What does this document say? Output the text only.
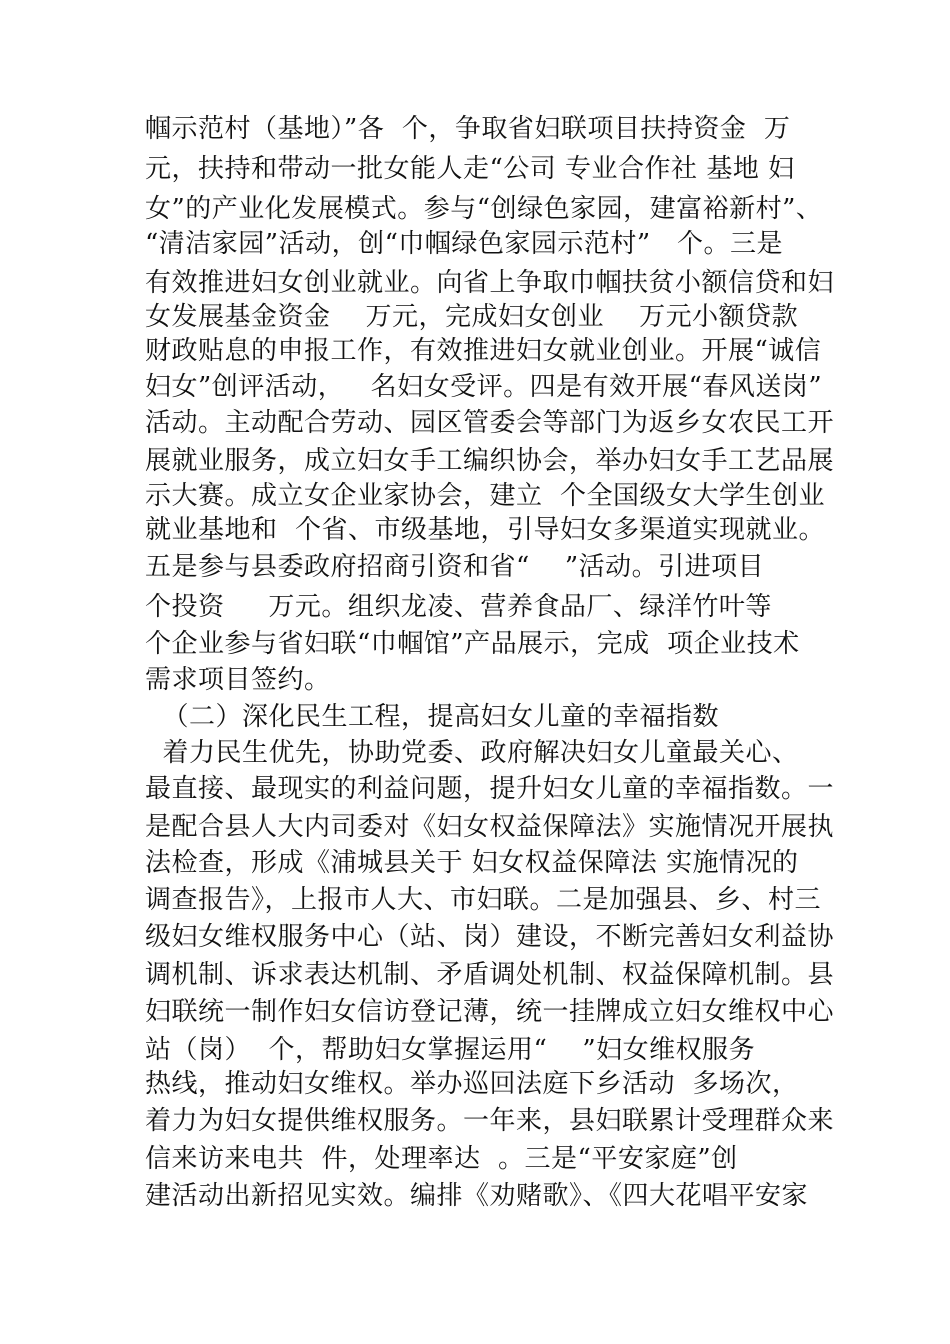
帼示范村（基地）”各  个，争取省妇联项目扶持资金  万
元，扶持和带动一批女能人走“公司 专业合作社 基地 妇
女”的产业化发展模式。参与“创绿色家园，建富裕新村”、
“清洁家园”活动，创“巾帼绿色家园示范村”   个。三是
有效推进妇女创业就业。向省上争取巾帼扶贫小额信贷和妇
女发展基金资金    万元，完成妇女创业    万元小额贷款
财政贴息的申报工作，有效推进妇女就业创业。开展“诚信
妇女”创评活动，   名妇女受评。四是有效开展“春风送岗”
活动。主动配合劳动、园区管委会等部门为返乡女农民工开
展就业服务，成立妇女手工编织协会，举办妇女手工艺品展
示大赛。成立女企业家协会，建立  个全国级女大学生创业
就业基地和  个省、市级基地，引导妇女多渠道实现就业。
五是参与县委政府招商引资和省“    ”活动。引进项目
个投资     万元。组织龙凌、营养食品厂、绿洋竹叶等
个企业参与省妇联“巾帼馆”产品展示，完成  项企业技术
需求项目签约。
（二）深化民生工程，提高妇女儿童的幸福指数
着力民生优先，协助党委、政府解决妇女儿童最关心、
最直接、最现实的利益问题，提升妇女儿童的幸福指数。一
是配合县人大内司委对《妇女权益保障法》实施情况开展执
法检查，形成《浦城县关于 妇女权益保障法 实施情况的
调查报告》，上报市人大、市妇联。二是加强县、乡、村三
级妇女维权服务中心（站、岗）建设，不断完善妇女利益协
调机制、诉求表达机制、矛盾调处机制、权益保障机制。县
妇联统一制作妇女信访登记薄，统一挂牌成立妇女维权中心
站（岗）  个，帮助妇女掌握运用“    ”妇女维权服务
热线，推动妇女维权。举办巡回法庭下乡活动  多场次，
着力为妇女提供维权服务。一年来，县妇联累计受理群众来
信来访来电共  件，处理率达  。三是“平安家庭”创
建活动出新招见实效。编排《劝赌歌》、《四大花唱平安家
